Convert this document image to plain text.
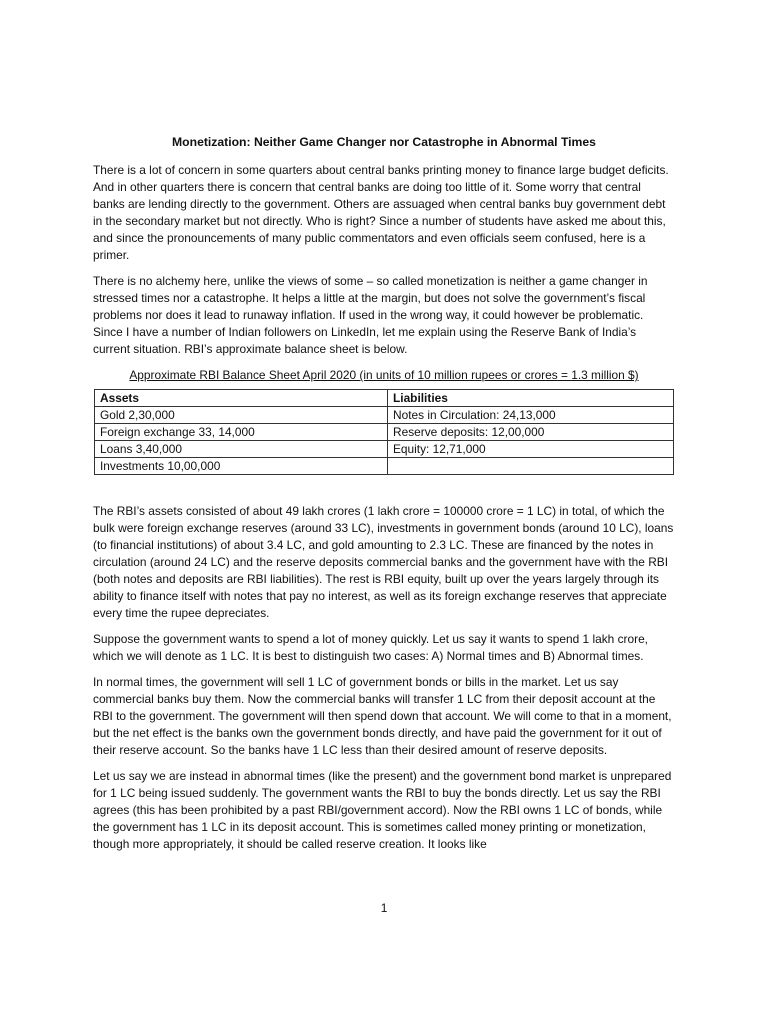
Monetization: Neither Game Changer nor Catastrophe in Abnormal Times

There is a lot of concern in some quarters about central banks printing money to finance large budget deficits. And in other quarters there is concern that central banks are doing too little of it. Some worry that central banks are lending directly to the government. Others are assuaged when central banks buy government debt in the secondary market but not directly. Who is right? Since a number of students have asked me about this, and since the pronouncements of many public commentators and even officials seem confused, here is a primer.

There is no alchemy here, unlike the views of some – so called monetization is neither a game changer in stressed times nor a catastrophe. It helps a little at the margin, but does not solve the government’s fiscal problems nor does it lead to runaway inflation. If used in the wrong way, it could however be problematic. Since I have a number of Indian followers on LinkedIn, let me explain using the Reserve Bank of India’s current situation. RBI’s approximate balance sheet is below.

Approximate RBI Balance Sheet April 2020 (in units of 10 million rupees or crores = 1.3 million $)
Assets	Liabilities
Gold 2,30,000	Notes in Circulation: 24,13,000
Foreign exchange 33, 14,000	Reserve deposits: 12,00,000
Loans 3,40,000	Equity: 12,71,000
Investments 10,00,000	

The RBI’s assets consisted of about 49 lakh crores (1 lakh crore = 100000 crore = 1 LC) in total, of which the bulk were foreign exchange reserves (around 33 LC), investments in government bonds (around 10 LC), loans (to financial institutions) of about 3.4 LC, and gold amounting to 2.3 LC. These are financed by the notes in circulation (around 24 LC) and the reserve deposits commercial banks and the government have with the RBI (both notes and deposits are RBI liabilities). The rest is RBI equity, built up over the years largely through its ability to finance itself with notes that pay no interest, as well as its foreign exchange reserves that appreciate every time the rupee depreciates.

Suppose the government wants to spend a lot of money quickly. Let us say it wants to spend 1 lakh crore, which we will denote as 1 LC. It is best to distinguish two cases: A) Normal times and B) Abnormal times.

In normal times, the government will sell 1 LC of government bonds or bills in the market. Let us say commercial banks buy them. Now the commercial banks will transfer 1 LC from their deposit account at the RBI to the government. The government will then spend down that account. We will come to that in a moment, but the net effect is the banks own the government bonds directly, and have paid the government for it out of their reserve account. So the banks have 1 LC less than their desired amount of reserve deposits.

Let us say we are instead in abnormal times (like the present) and the government bond market is unprepared for 1 LC being issued suddenly. The government wants the RBI to buy the bonds directly. Let us say the RBI agrees (this has been prohibited by a past RBI/government accord). Now the RBI owns 1 LC of bonds, while the government has 1 LC in its deposit account. This is sometimes called money printing or monetization, though more appropriately, it should be called reserve creation. It looks like

1
